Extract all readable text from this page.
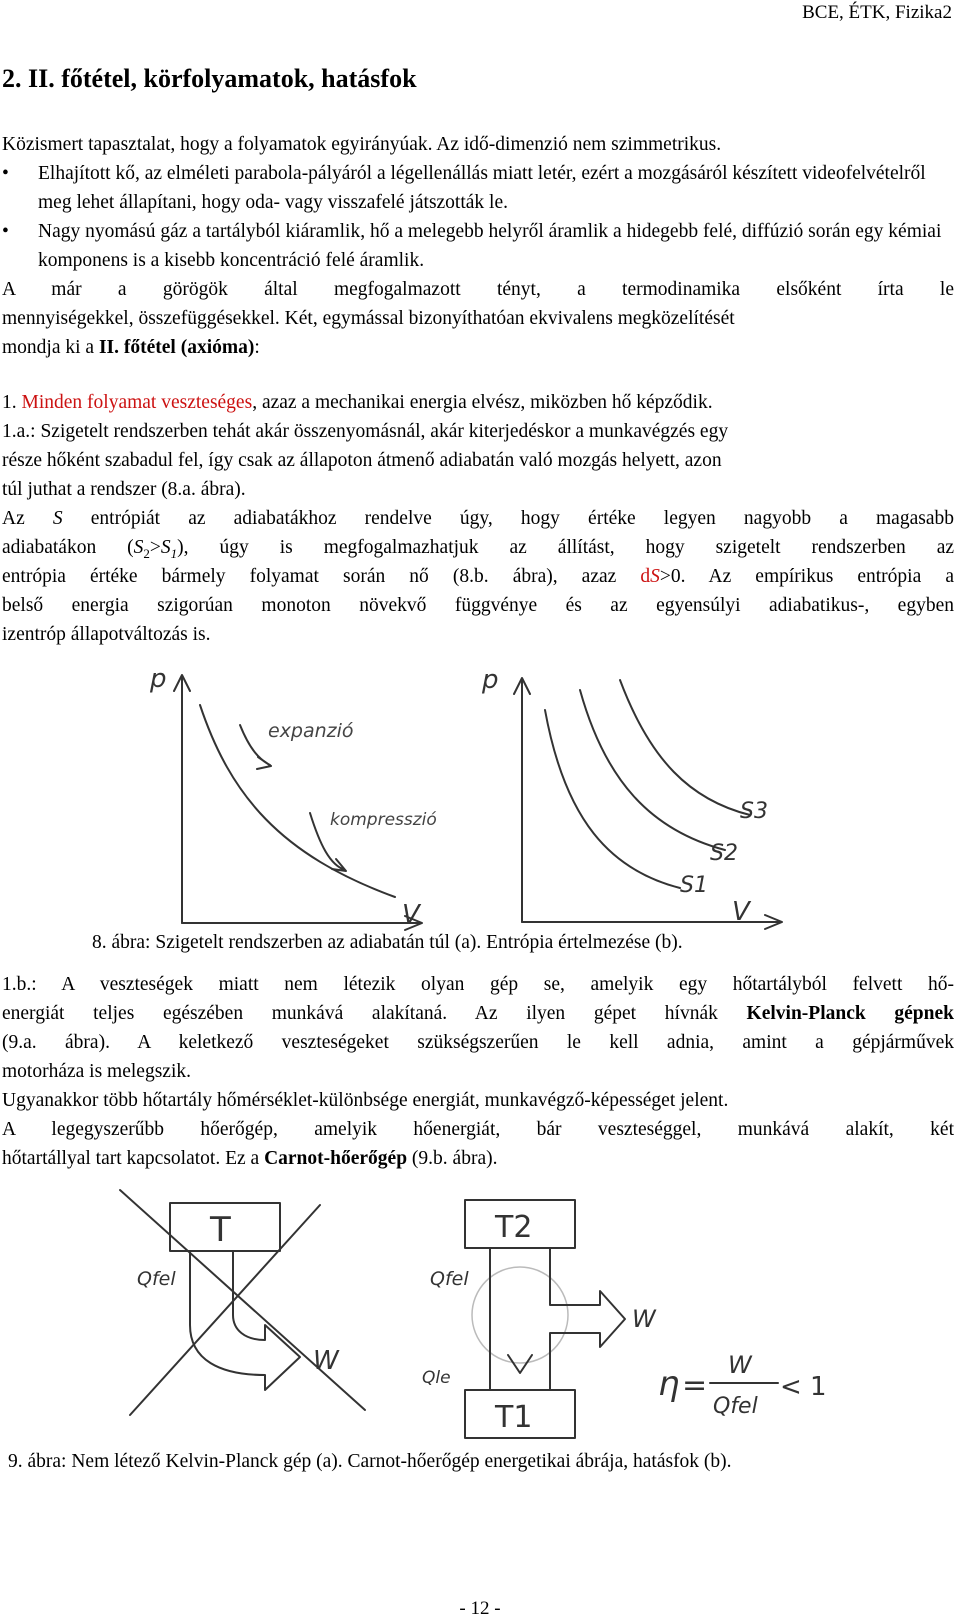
BCE, ÉTK, Fizika2
2. II. főtétel, körfolyamatok, hatásfok
Közismert tapasztalat, hogy a folyamatok egyirányúak. Az idő-dimenzió nem szimmetrikus.
• Elhajított kő, az elméleti parabola-pályáról a légellenállás miatt letér, ezért a mozgásáról készített videofelvételről meg lehet állapítani, hogy oda- vagy visszafelé játszották le.
• Nagy nyomású gáz a tartályból kiáramlik, hő a melegebb helyről áramlik a hidegebb felé, diffúzió során egy kémiai komponens is a kisebb koncentráció felé áramlik.
A már a görögök által megfogalmazott tényt, a termodinamika elsőként írta le
mennyiségekkel, összefüggésekkel. Két, egymással bizonyíthatóan ekvivalens megközelítését
mondja ki a II. főtétel (axióma):
1. Minden folyamat veszteséges, azaz a mechanikai energia elvész, miközben hő képződik.
1.a.: Szigetelt rendszerben tehát akár összenyomásnál, akár kiterjedéskor a munkavégzés egy
része hőként szabadul fel, így csak az állapoton átmenő adiabatán való mozgás helyett, azon
túl juthat a rendszer (8.a. ábra).
Az S entrópiát az adiabatákhoz rendelve úgy, hogy értéke legyen nagyobb a magasabb
adiabatákon $(S_2>S_1)$, úgy is megfogalmazhatjuk az állítást, hogy szigetelt rendszerben az
entrópia értéke bármely folyamat során nő (8.b. ábra), azaz dS>0. Az empírikus entrópia a
belső energia szigorúan monoton növekvő függvénye és az egyensúlyi adiabatikus-, egyben
izentróp állapotváltozás is.
p
V
expanzió
kompresszió
p
V
S3
S2
S1
8. ábra: Szigetelt rendszerben az adiabatán túl (a). Entrópia értelmezése (b).
1.b.: A veszteségek miatt nem létezik olyan gép se, amelyik egy hőtartályból felvett hő-
energiát teljes egészében munkává alakítaná. Az ilyen gépet hívnák Kelvin-Planck gépnek
(9.a. ábra). A keletkező veszteségeket szükségszerűen le kell adnia, amint a gépjárművek
motorháza is melegszik.
Ugyanakkor több hőtartály hőmérséklet-különbsége energiát, munkavégző-képességet jelent.
A legegyszerűbb hőerőgép, amelyik hőenergiát, bár veszteséggel, munkává alakít, két
hőtartállyal tart kapcsolatot. Ez a Carnot-hőerőgép (9.b. ábra).
T
Qfel
W
T2
T1
Qfel
Qle
W
η =
W
Qfel
< 1
9. ábra: Nem létező Kelvin-Planck gép (a). Carnot-hőerőgép energetikai ábrája, hatásfok (b).
- 12 -
